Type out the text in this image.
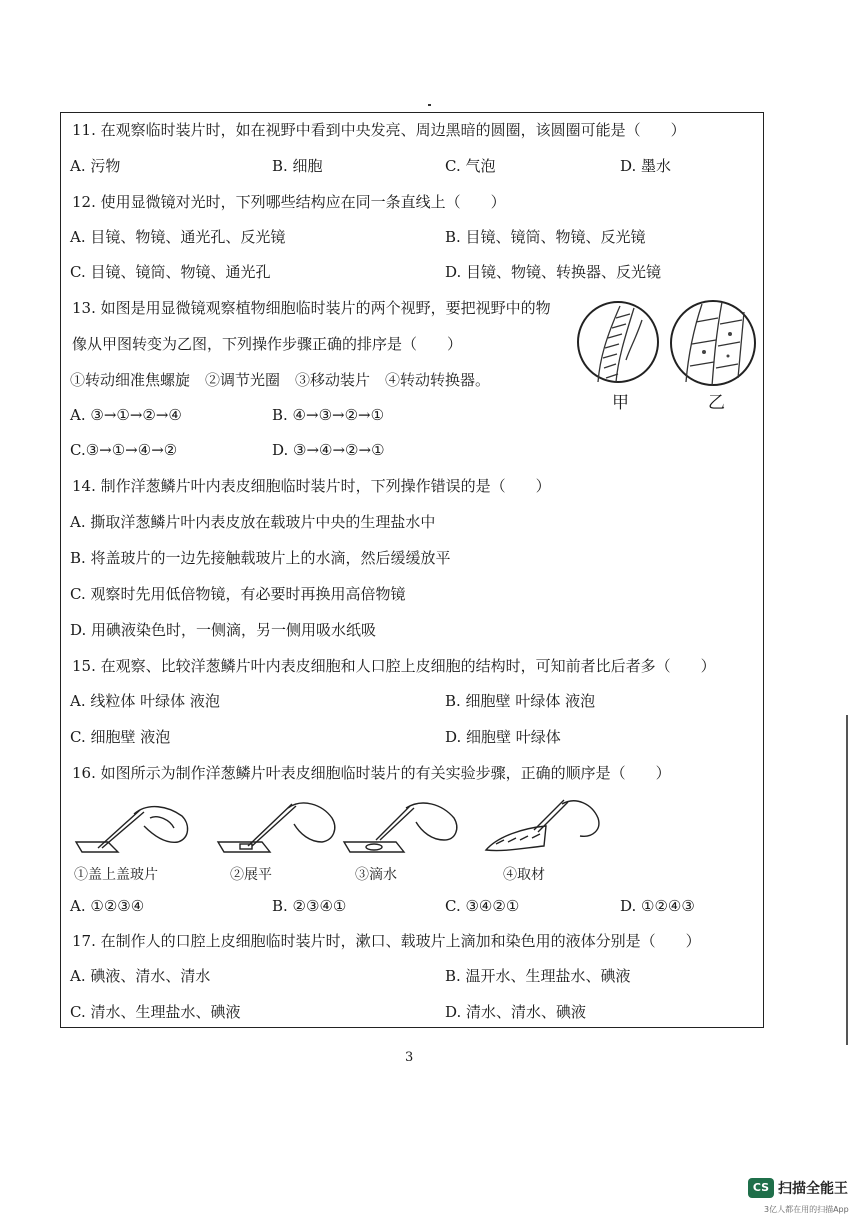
11. 在观察临时装片时，如在视野中看到中央发亮、周边黑暗的圆圈，该圆圈可能是（　　）
A. 污物	B. 细胞	C. 气泡	D. 墨水
12. 使用显微镜对光时，下列哪些结构应在同一条直线上（　　）
A. 目镜、物镜、通光孔、反光镜	B. 目镜、镜筒、物镜、反光镜
C. 目镜、镜筒、物镜、通光孔	D. 目镜、物镜、转换器、反光镜
13. 如图是用显微镜观察植物细胞临时装片的两个视野，要把视野中的物
像从甲图转变为乙图，下列操作步骤正确的排序是（　　）
①转动细准焦螺旋　②调节光圈　③移动装片　④转动转换器。
A. ③→①→②→④	B. ④→③→②→①
C.③→①→④→②	D. ③→④→②→①
甲	乙
14. 制作洋葱鳞片叶内表皮细胞临时装片时，下列操作错误的是（　　）
A. 撕取洋葱鳞片叶内表皮放在载玻片中央的生理盐水中
B. 将盖玻片的一边先接触载玻片上的水滴，然后缓缓放平
C. 观察时先用低倍物镜，有必要时再换用高倍物镜
D. 用碘液染色时，一侧滴，另一侧用吸水纸吸
15. 在观察、比较洋葱鳞片叶内表皮细胞和人口腔上皮细胞的结构时，可知前者比后者多（　　）
A. 线粒体 叶绿体 液泡	B. 细胞壁 叶绿体 液泡
C. 细胞壁 液泡	D. 细胞壁 叶绿体
16. 如图所示为制作洋葱鳞片叶表皮细胞临时装片的有关实验步骤，正确的顺序是（　　）
①盖上盖玻片	②展平	③滴水	④取材
A. ①②③④	B. ②③④①	C. ③④②①	D. ①②④③
17. 在制作人的口腔上皮细胞临时装片时，漱口、载玻片上滴加和染色用的液体分别是（　　）
A. 碘液、清水、清水	B. 温开水、生理盐水、碘液
C. 清水、生理盐水、碘液	D. 清水、清水、碘液
3
CS 扫描全能王
3亿人都在用的扫描App
